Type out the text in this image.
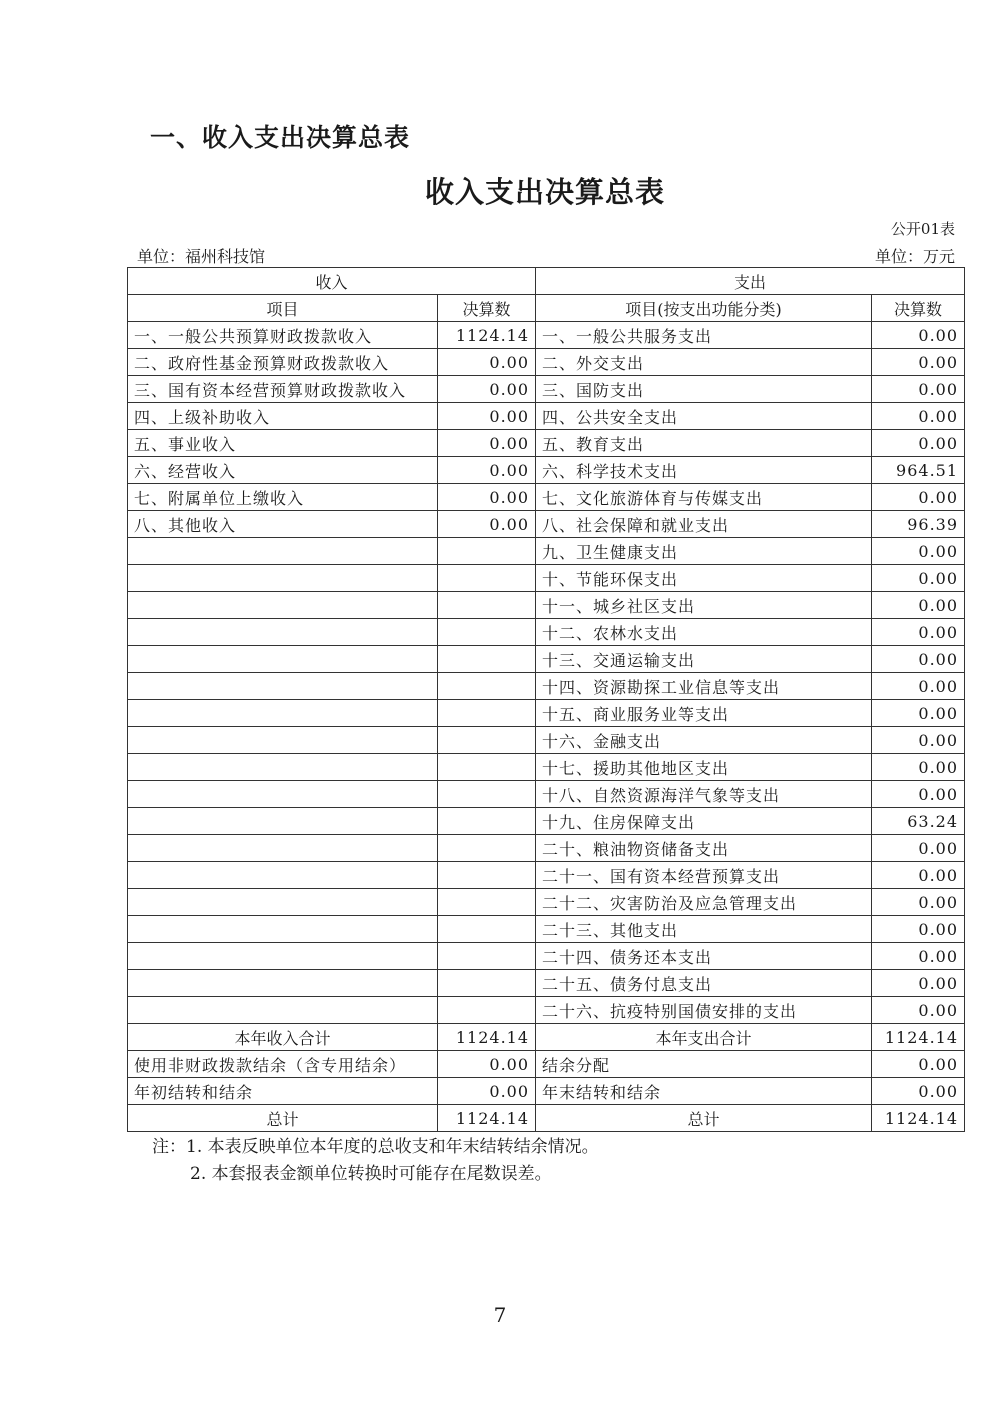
一、收入支出决算总表
收入支出决算总表
公开01表
单位：福州科技馆	单位：万元
收入		支出	
项目	决算数	项目(按支出功能分类)	决算数
一、一般公共预算财政拨款收入	1124.14	一、一般公共服务支出	0.00
二、政府性基金预算财政拨款收入	0.00	二、外交支出	0.00
三、国有资本经营预算财政拨款收入	0.00	三、国防支出	0.00
四、上级补助收入	0.00	四、公共安全支出	0.00
五、事业收入	0.00	五、教育支出	0.00
六、经营收入	0.00	六、科学技术支出	964.51
七、附属单位上缴收入	0.00	七、文化旅游体育与传媒支出	0.00
八、其他收入	0.00	八、社会保障和就业支出	96.39
		九、卫生健康支出	0.00
		十、节能环保支出	0.00
		十一、城乡社区支出	0.00
		十二、农林水支出	0.00
		十三、交通运输支出	0.00
		十四、资源勘探工业信息等支出	0.00
		十五、商业服务业等支出	0.00
		十六、金融支出	0.00
		十七、援助其他地区支出	0.00
		十八、自然资源海洋气象等支出	0.00
		十九、住房保障支出	63.24
		二十、粮油物资储备支出	0.00
		二十一、国有资本经营预算支出	0.00
		二十二、灾害防治及应急管理支出	0.00
		二十三、其他支出	0.00
		二十四、债务还本支出	0.00
		二十五、债务付息支出	0.00
		二十六、抗疫特别国债安排的支出	0.00
本年收入合计	1124.14	本年支出合计	1124.14
使用非财政拨款结余（含专用结余）	0.00	结余分配	0.00
年初结转和结余	0.00	年末结转和结余	0.00
总计	1124.14	总计	1124.14
注：1. 本表反映单位本年度的总收支和年末结转结余情况。
2. 本套报表金额单位转换时可能存在尾数误差。
7
